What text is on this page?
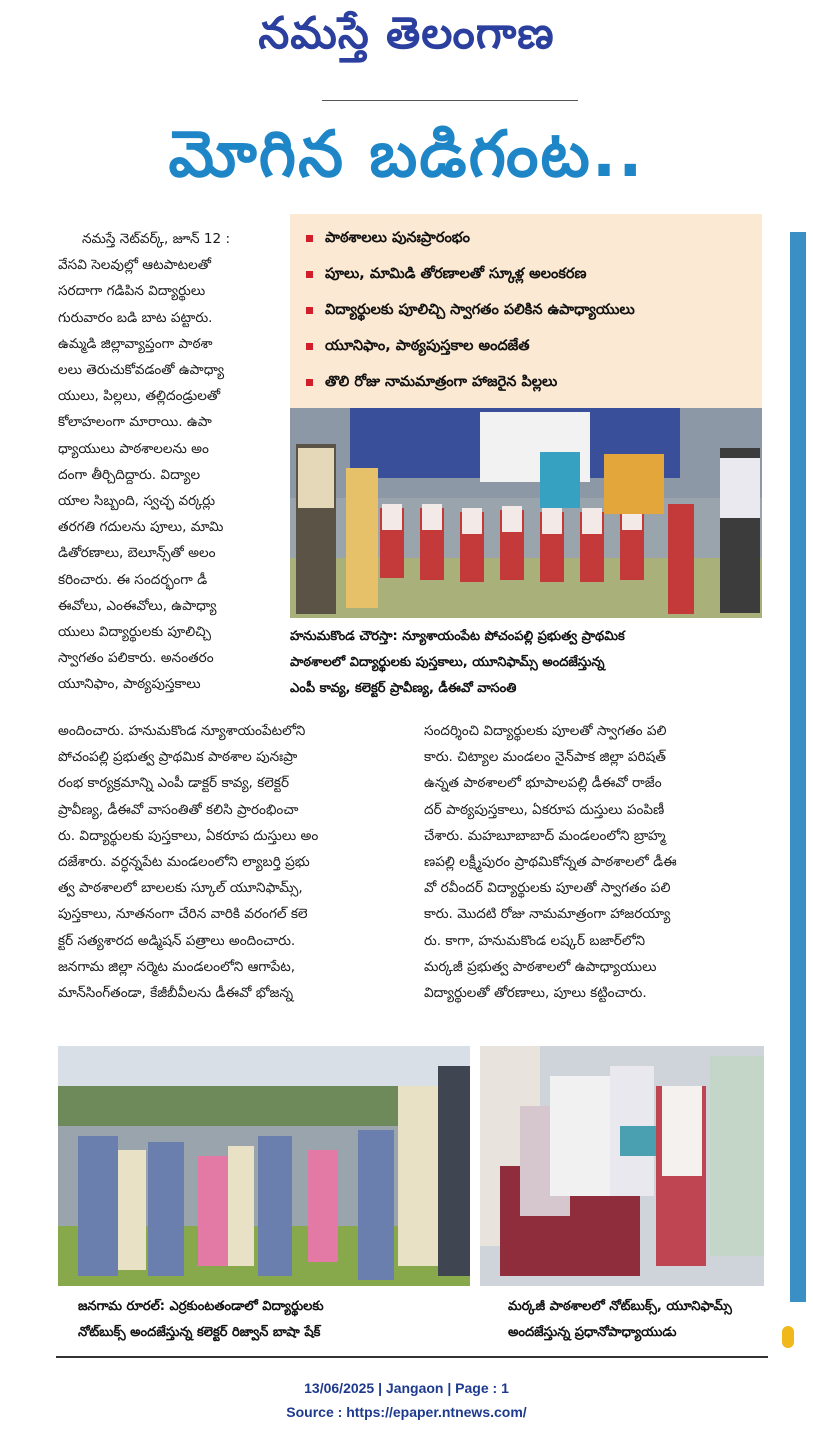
నమస్తే తెలంగాణ
మోగిన బడిగంట..
నమస్తే నెట్‌వర్క్, జూన్ 12 :
వేసవి సెలవుల్లో ఆటపాటలతో
సరదాగా గడిపిన విద్యార్థులు
గురువారం బడి బాట పట్టారు.
ఉమ్మడి జిల్లావ్యాప్తంగా పాఠశా
లలు తెరుచుకోవడంతో ఉపాధ్యా
యులు, పిల్లలు, తల్లిదండ్రులతో
కోలాహలంగా మారాయి. ఉపా
ధ్యాయులు పాఠశాలలను అం
దంగా తీర్చిదిద్దారు. విద్యాల
యాల సిబ్బంది, స్వచ్ఛ వర్కర్లు
తరగతి గదులను పూలు, మామి
డితోరణాలు, బెలూన్స్‌తో అలం
కరించారు. ఈ సందర్భంగా డీ
ఈవోలు, ఎంఈవోలు, ఉపాధ్యా
యులు విద్యార్థులకు పూలిచ్చి
స్వాగతం పలికారు. అనంతరం
యూనిఫాం, పాఠ్యపుస్తకాలు
పాఠశాలలు పునఃప్రారంభం
పూలు, మామిడి తోరణాలతో స్కూళ్ల అలంకరణ
విద్యార్థులకు పూలిచ్చి స్వాగతం పలికిన ఉపాధ్యాయులు
యూనిఫాం, పాఠ్యపుస్తకాల అందజేత
తొలి రోజు నామమాత్రంగా హాజరైన పిల్లలు
హనుమకొండ చౌరస్తా: న్యూశాయంపేట పోచంపల్లి ప్రభుత్వ ప్రాథమిక
పాఠశాలలో విద్యార్థులకు పుస్తకాలు, యూనిఫామ్స్ అందజేస్తున్న
ఎంపీ కావ్య, కలెక్టర్ ప్రావీణ్య, డీఈవో వాసంతి
అందించారు. హనుమకొండ న్యూశాయంపేటలోని
పోచంపల్లి ప్రభుత్వ ప్రాథమిక పాఠశాల పునఃప్రా
రంభ కార్యక్రమాన్ని ఎంపీ డాక్టర్ కావ్య, కలెక్టర్
ప్రావీణ్య, డీఈవో వాసంతితో కలిసి ప్రారంభించా
రు. విద్యార్థులకు పుస్తకాలు, ఏకరూప దుస్తులు అం
దజేశారు. వర్ధన్నపేట మండలంలోని ల్యాబర్తి ప్రభు
త్వ పాఠశాలలో బాలలకు స్కూల్ యూనిఫామ్స్,
పుస్తకాలు, నూతనంగా చేరిన వారికి వరంగల్ కలె
క్టర్ సత్యశారద అడ్మిషన్ పత్రాలు అందించారు.
జనగామ జిల్లా నర్మెట మండలంలోని ఆగాపేట,
మాన్‌సింగ్‌తండా, కేజీబీవీలను డీఈవో భోజన్న
సందర్శించి విద్యార్థులకు పూలతో స్వాగతం పలి
కారు. చిట్యాల మండలం నైన్‌పాక జిల్లా పరిషత్
ఉన్నత పాఠశాలలో భూపాలపల్లి డీఈవో రాజేం
దర్ పాఠ్యపుస్తకాలు, ఏకరూప దుస్తులు పంపిణీ
చేశారు. మహబూబాబాద్ మండలంలోని బ్రాహ్మ
ణపల్లి లక్ష్మీపురం ప్రాథమికోన్నత పాఠశాలలో డీఈ
వో రవీందర్ విద్యార్థులకు పూలతో స్వాగతం పలి
కారు. మొదటి రోజు నామమాత్రంగా హాజరయ్యా
రు. కాగా, హనుమకొండ లష్కర్ బజార్‌లోని
మర్కజీ ప్రభుత్వ పాఠశాలలో ఉపాధ్యాయులు
విద్యార్థులతో తోరణాలు, పూలు కట్టించారు.
జనగామ రూరల్: ఎర్రకుంటతండాలో విద్యార్థులకు
నోట్‌బుక్స్ అందజేస్తున్న కలెక్టర్ రిజ్వాన్ బాషా షేక్
మర్కజీ పాఠశాలలో నోట్‌బుక్స్, యూనిఫామ్స్
అందజేస్తున్న ప్రధానోపాధ్యాయుడు
13/06/2025 | Jangaon | Page : 1
Source : https://epaper.ntnews.com/
